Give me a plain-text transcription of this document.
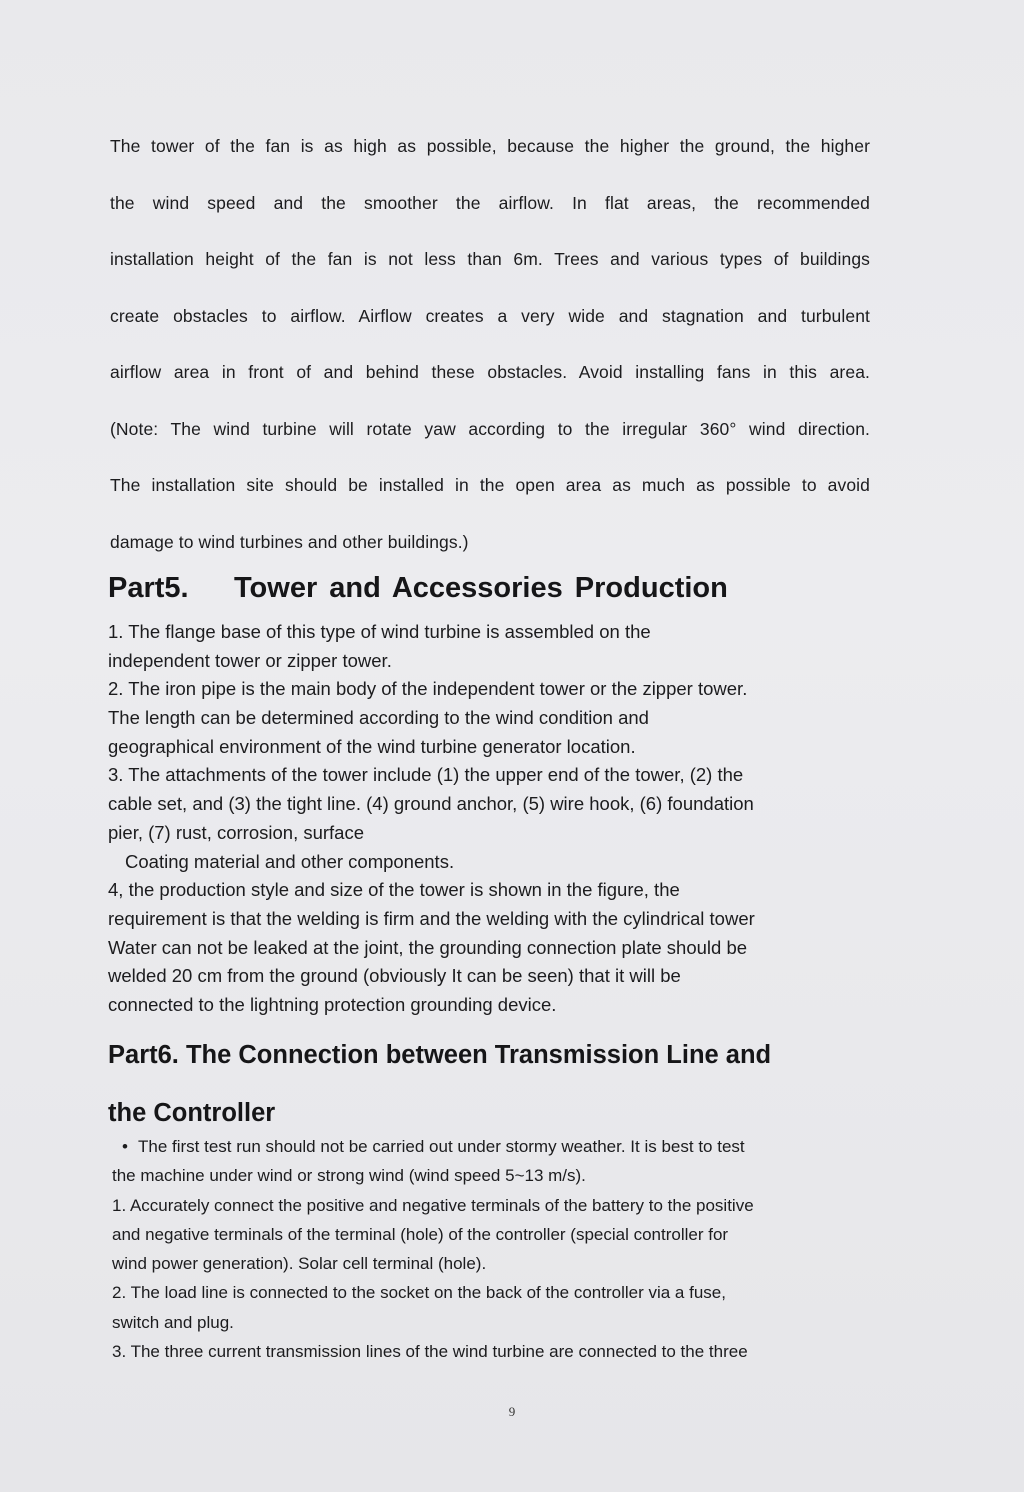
The tower of the fan is as high as possible, because the higher the ground, the higher
the wind speed and the smoother the airflow. In flat areas, the recommended
installation height of the fan is not less than 6m. Trees and various types of buildings
create obstacles to airflow. Airflow creates a very wide and stagnation and turbulent
airflow area in front of and behind these obstacles. Avoid installing fans in this area.
(Note: The wind turbine will rotate yaw according to the irregular 360° wind direction.
The installation site should be installed in the open area as much as possible to avoid
damage to wind turbines and other buildings.)
Part5. Tower and Accessories Production
1. The flange base of this type of wind turbine is assembled on the
independent tower or zipper tower.
2. The iron pipe is the main body of the independent tower or the zipper tower.
The length can be determined according to the wind condition and
geographical environment of the wind turbine generator location.
3. The attachments of the tower include (1) the upper end of the tower, (2) the
cable set, and (3) the tight line. (4) ground anchor, (5) wire hook, (6) foundation
pier, (7) rust, corrosion, surface
Coating material and other components.
4, the production style and size of the tower is shown in the figure, the
requirement is that the welding is firm and the welding with the cylindrical tower
Water can not be leaked at the joint, the grounding connection plate should be
welded 20 cm from the ground (obviously It can be seen) that it will be
connected to the lightning protection grounding device.
Part6. The Connection between Transmission Line and
the Controller
• The first test run should not be carried out under stormy weather. It is best to test
the machine under wind or strong wind (wind speed 5~13 m/s).
1. Accurately connect the positive and negative terminals of the battery to the positive
and negative terminals of the terminal (hole) of the controller (special controller for
wind power generation). Solar cell terminal (hole).
2. The load line is connected to the socket on the back of the controller via a fuse,
switch and plug.
3. The three current transmission lines of the wind turbine are connected to the three
9
